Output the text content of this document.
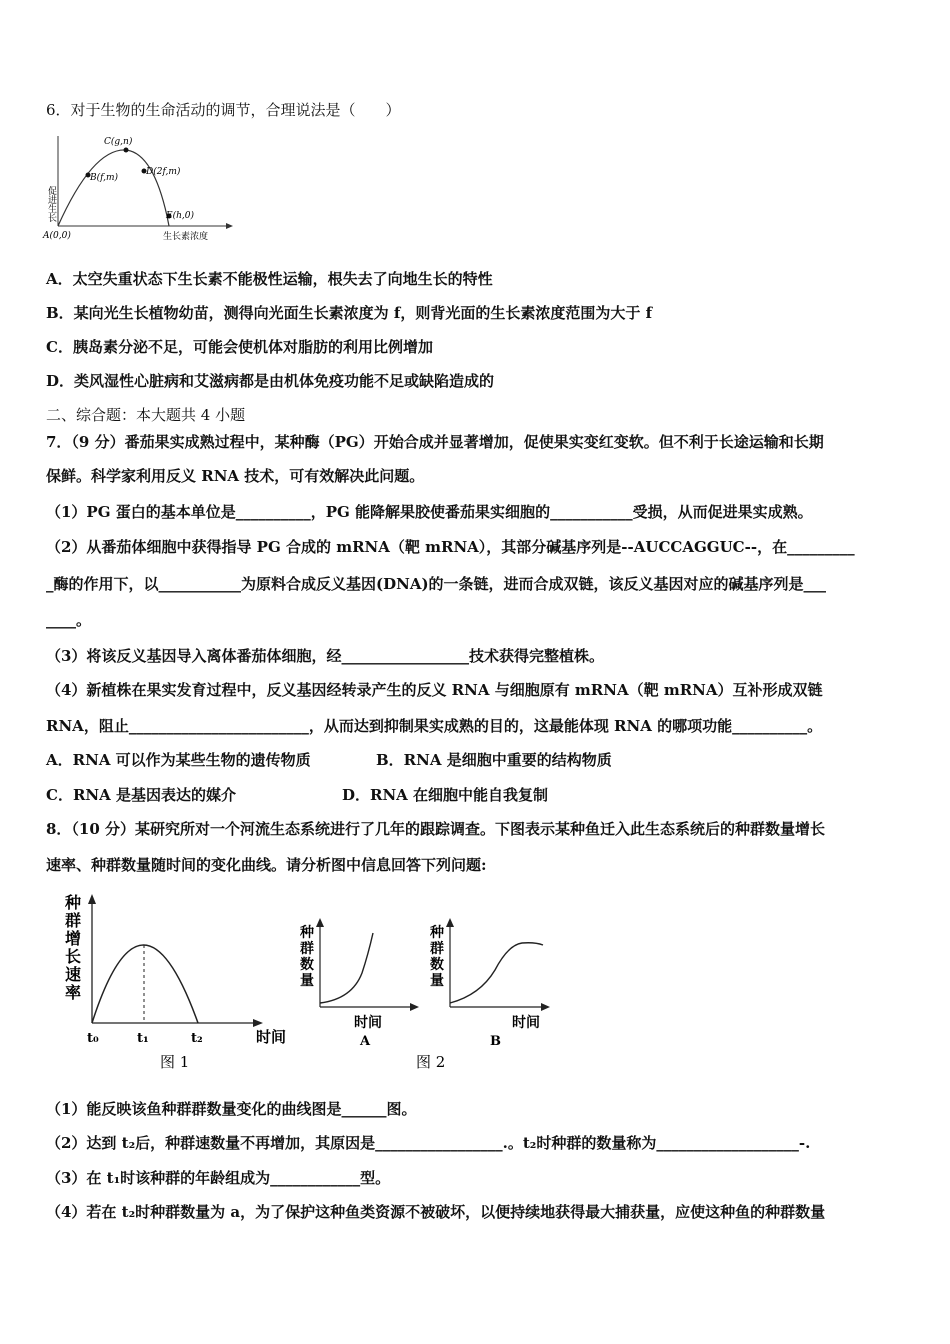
6．对于生物的生命活动的调节，合理说法是（　　）
促进生长
A(0,0)
B(f,m)
C(g,n)
D(2f,m)
E(h,0)
生长素浓度
A．太空失重状态下生长素不能极性运输，根失去了向地生长的特性
B．某向光生长植物幼苗，测得向光面生长素浓度为 f，则背光面的生长素浓度范围为大于 f
C．胰岛素分泌不足，可能会使机体对脂肪的利用比例增加
D．类风湿性心脏病和艾滋病都是由机体免疫功能不足或缺陷造成的
二、综合题：本大题共 4 小题
7．（9 分）番茄果实成熟过程中，某种酶（PG）开始合成并显著增加，促使果实变红变软。但不利于长途运输和长期
保鲜。科学家利用反义 RNA 技术，可有效解决此问题。
（1）PG 蛋白的基本单位是__________，PG 能降解果胶使番茄果实细胞的___________受损，从而促进果实成熟。
（2）从番茄体细胞中获得指导 PG 合成的 mRNA（靶 mRNA），其部分碱基序列是--AUCCAGGUC--，在_________
_酶的作用下，以___________为原料合成反义基因(DNA)的一条链，进而合成双链，该反义基因对应的碱基序列是___
____。
（3）将该反义基因导入离体番茄体细胞，经_________________技术获得完整植株。
（4）新植株在果实发育过程中，反义基因经转录产生的反义 RNA 与细胞原有 mRNA（靶 mRNA）互补形成双链
RNA，阻止________________________，从而达到抑制果实成熟的目的，这最能体现 RNA 的哪项功能__________。
A．RNA 可以作为某些生物的遗传物质	B．RNA 是细胞中重要的结构物质
C．RNA 是基因表达的媒介	D．RNA 在细胞中能自我复制
8．（10 分）某研究所对一个河流生态系统进行了几年的跟踪调查。下图表示某种鱼迁入此生态系统后的种群数量增长
速率、种群数量随时间的变化曲线。请分析图中信息回答下列问题:
种
群
增
长
速
率
t₀	t₁	t₂	时间
图 1
种
群
数
量
时间
A
种
群
数
量
时间
B
图 2
（1）能反映该鱼种群群数量变化的曲线图是______图。
（2）达到 t₂后，种群速数量不再增加，其原因是_________________.。t₂时种群的数量称为___________________-.
（3）在 t₁时该种群的年龄组成为____________型。
（4）若在 t₂时种群数量为 a，为了保护这种鱼类资源不被破坏，以便持续地获得最大捕获量，应使这种鱼的种群数量
